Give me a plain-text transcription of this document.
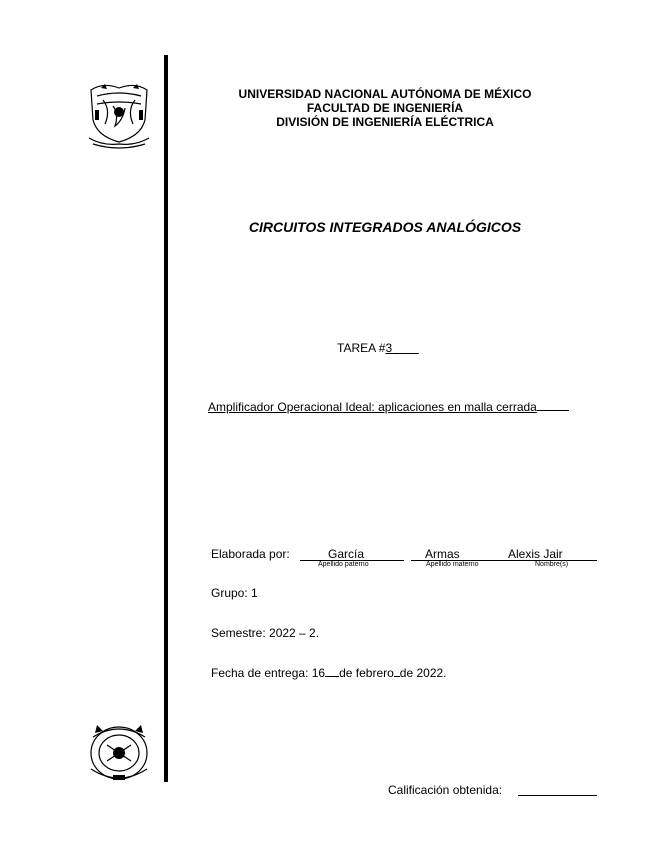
UNIVERSIDAD NACIONAL AUTÓNOMA DE MÉXICO
FACULTAD DE INGENIERÍA
DIVISIÓN DE INGENIERÍA ELÉCTRICA
CIRCUITOS INTEGRADOS ANALÓGICOS
TAREA #3
Amplificador Operacional Ideal: aplicaciones en malla cerrada
Elaborada por:	García	Armas	Alexis Jair
Apellido paterno	Apellido materno	Nombre(s)
Grupo: 1
Semestre: 2022 – 2.
Fecha de entrega: 16 de febrero de 2022.
Calificación obtenida:
